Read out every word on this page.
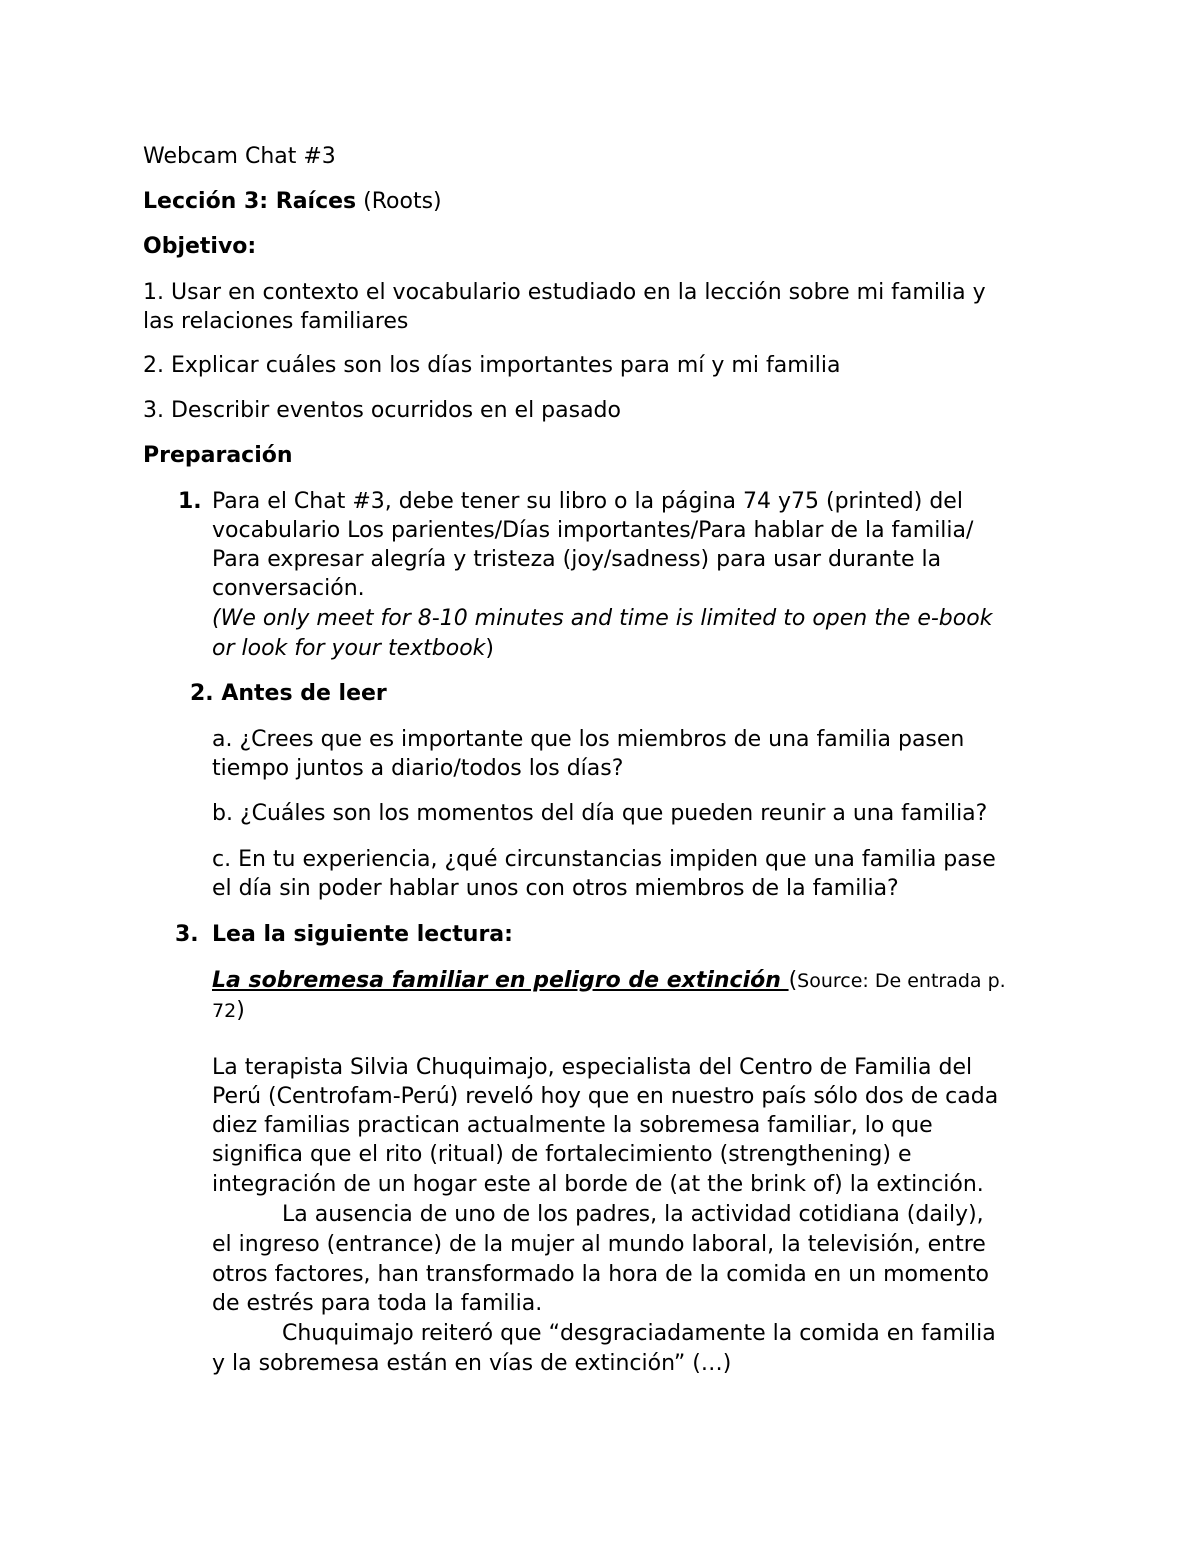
Webcam Chat #3

Lección 3: Raíces (Roots)

Objetivo:

1. Usar en contexto el vocabulario estudiado en la lección sobre mi familia y

las relaciones familiares

2. Explicar cuáles son los días importantes para mí y mi familia

3. Describir eventos ocurridos en el pasado

Preparación

1. Para el Chat #3, debe tener su libro o la página 74 y75 (printed) del

vocabulario Los parientes/Días importantes/Para hablar de la familia/

Para expresar alegría y tristeza (joy/sadness) para usar durante la

conversación.

(We only meet for 8-10 minutes and time is limited to open the e-book

or look for your textbook)

2. Antes de leer

a. ¿Crees que es importante que los miembros de una familia pasen

tiempo juntos a diario/todos los días?

b. ¿Cuáles son los momentos del día que pueden reunir a una familia?

c. En tu experiencia, ¿qué circunstancias impiden que una familia pase

el día sin poder hablar unos con otros miembros de la familia?

3. Lea la siguiente lectura:

La sobremesa familiar en peligro de extinción (Source: De entrada p.

72)

La terapista Silvia Chuquimajo, especialista del Centro de Familia del

Perú (Centrofam-Perú) reveló hoy que en nuestro país sólo dos de cada

diez familias practican actualmente la sobremesa familiar, lo que

significa que el rito (ritual) de fortalecimiento (strengthening) e

integración de un hogar este al borde de (at the brink of) la extinción.

La ausencia de uno de los padres, la actividad cotidiana (daily),

el ingreso (entrance) de la mujer al mundo laboral, la televisión, entre

otros factores, han transformado la hora de la comida en un momento

de estrés para toda la familia.

Chuquimajo reiteró que “desgraciadamente la comida en familia

y la sobremesa están en vías de extinción” (…)
